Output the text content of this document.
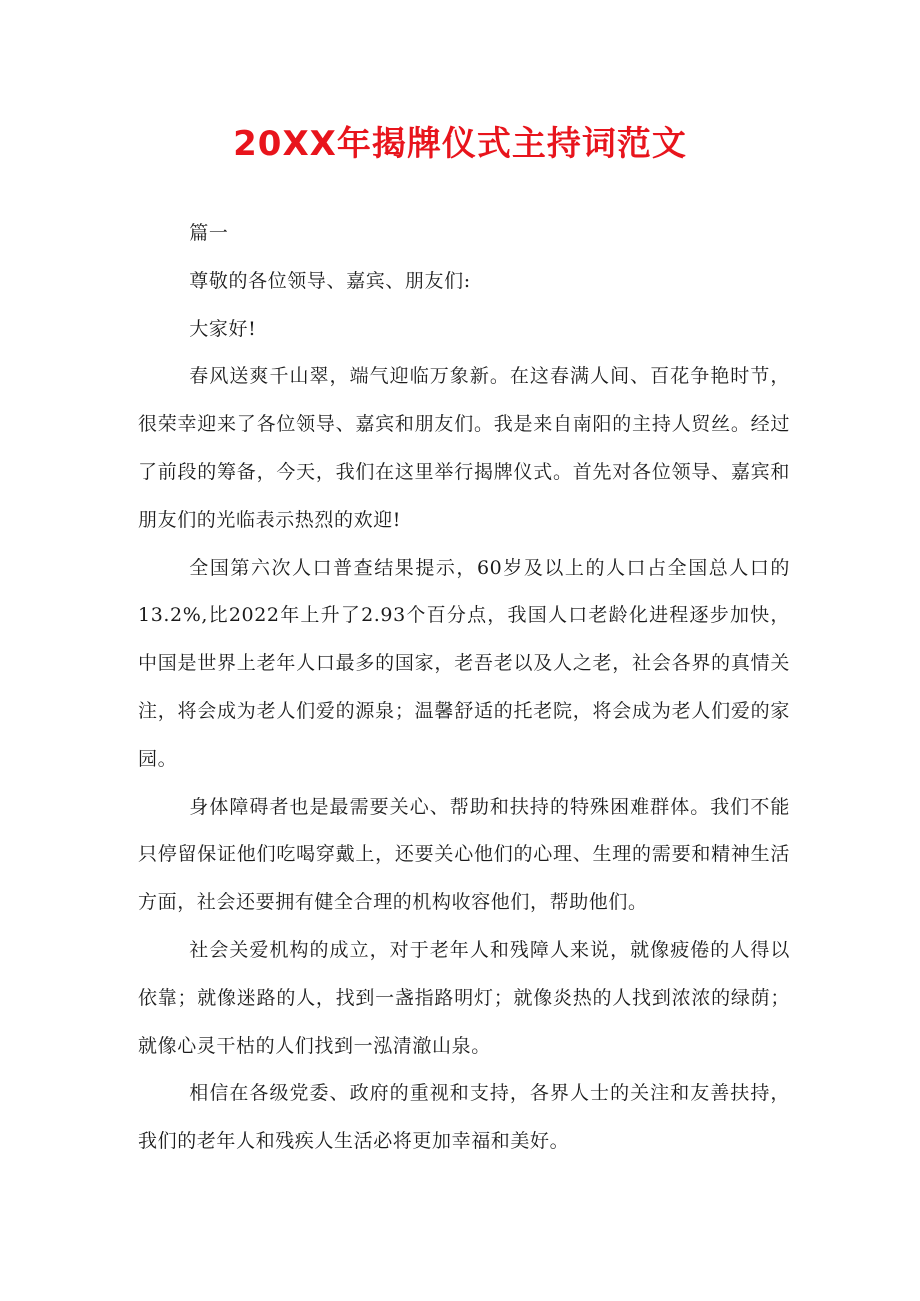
20XX年揭牌仪式主持词范文

篇一

尊敬的各位领导、嘉宾、朋友们:

大家好!

春风送爽千山翠，端气迎临万象新。在这春满人间、百花争艳时节，很荣幸迎来了各位领导、嘉宾和朋友们。我是来自南阳的主持人贸丝。经过了前段的筹备，今天，我们在这里举行揭牌仪式。首先对各位领导、嘉宾和朋友们的光临表示热烈的欢迎!

全国第六次人口普查结果提示，60岁及以上的人口占全国总人口的13.2%,比2022年上升了2.93个百分点，我国人口老龄化进程逐步加快，中国是世界上老年人口最多的国家，老吾老以及人之老，社会各界的真情关注，将会成为老人们爱的源泉；温馨舒适的托老院，将会成为老人们爱的家园。

身体障碍者也是最需要关心、帮助和扶持的特殊困难群体。我们不能只停留保证他们吃喝穿戴上，还要关心他们的心理、生理的需要和精神生活方面，社会还要拥有健全合理的机构收容他们，帮助他们。

社会关爱机构的成立，对于老年人和残障人来说，就像疲倦的人得以依靠；就像迷路的人，找到一盏指路明灯；就像炎热的人找到浓浓的绿荫；就像心灵干枯的人们找到一泓清澈山泉。

相信在各级党委、政府的重视和支持，各界人士的关注和友善扶持，我们的老年人和残疾人生活必将更加幸福和美好。
